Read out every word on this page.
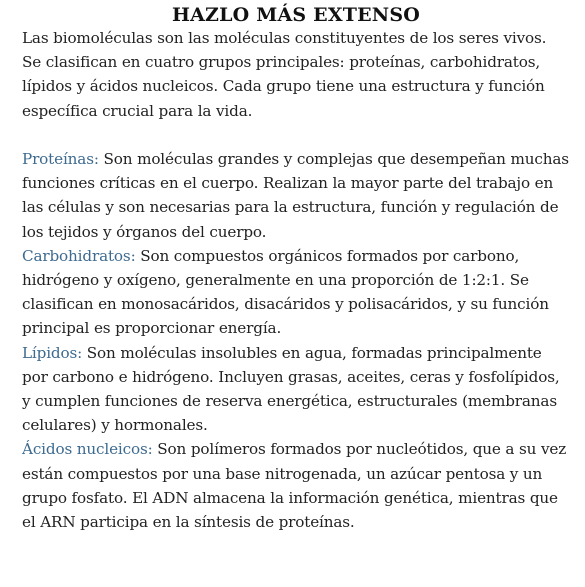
HAZLO MÁS EXTENSO

Las biomoléculas son las moléculas constituyentes de los seres vivos. Se clasifican en cuatro grupos principales: proteínas, carbohidratos, lípidos y ácidos nucleicos. Cada grupo tiene una estructura y función específica crucial para la vida.

Proteínas: Son moléculas grandes y complejas que desempeñan muchas funciones críticas en el cuerpo. Realizan la mayor parte del trabajo en las células y son necesarias para la estructura, función y regulación de los tejidos y órganos del cuerpo.

Carbohidratos: Son compuestos orgánicos formados por carbono, hidrógeno y oxígeno, generalmente en una proporción de 1:2:1. Se clasifican en monosacáridos, disacáridos y polisacáridos, y su función principal es proporcionar energía.

Lípidos: Son moléculas insolubles en agua, formadas principalmente por carbono e hidrógeno. Incluyen grasas, aceites, ceras y fosfolípidos, y cumplen funciones de reserva energética, estructurales (membranas celulares) y hormonales.

Ácidos nucleicos: Son polímeros formados por nucleótidos, que a su vez están compuestos por una base nitrogenada, un azúcar pentosa y un grupo fosfato. El ADN almacena la información genética, mientras que el ARN participa en la síntesis de proteínas.
